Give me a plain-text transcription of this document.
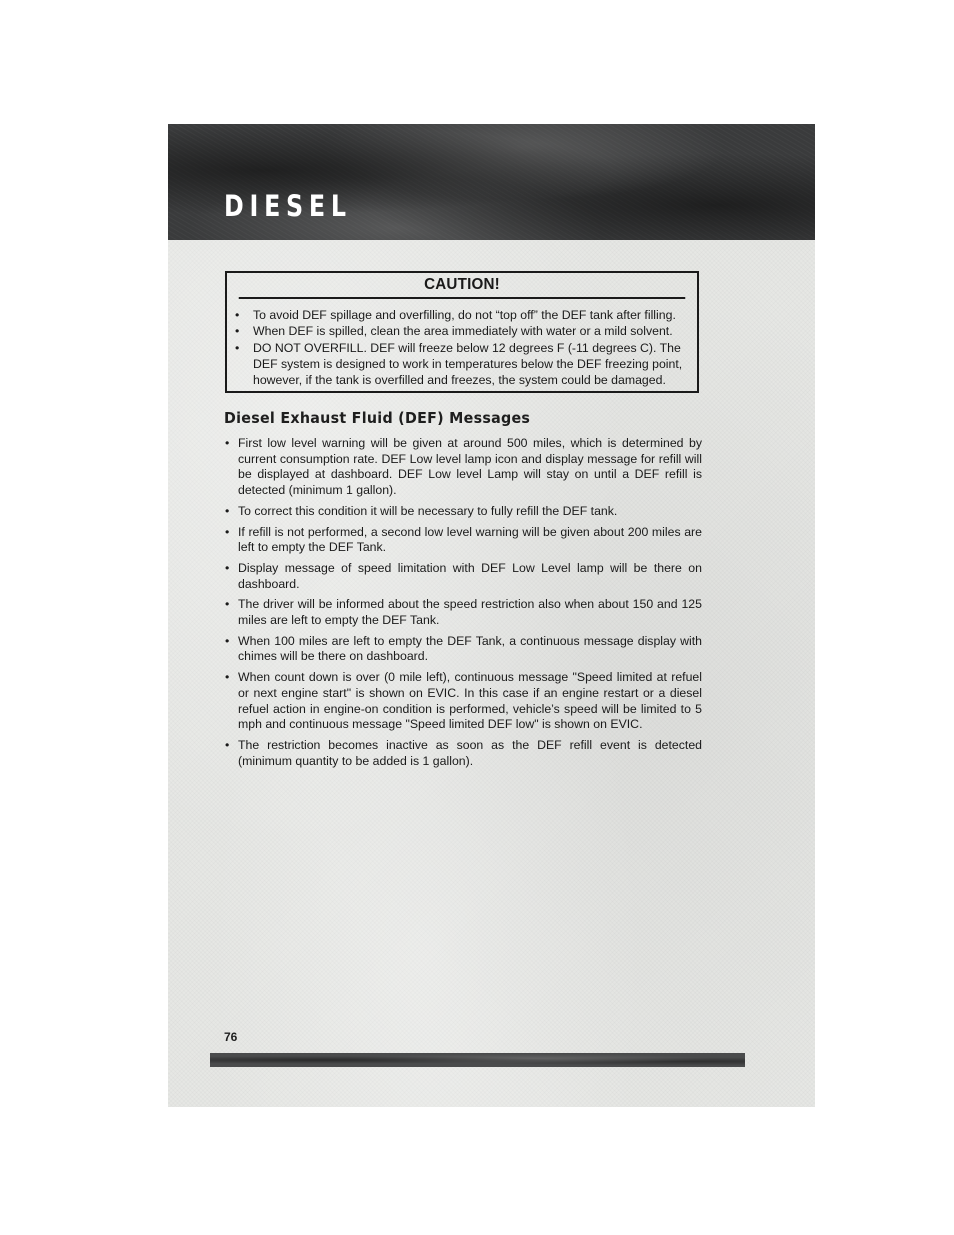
DIESEL
CAUTION!
• To avoid DEF spillage and overfilling, do not “top off” the DEF tank after filling.
• When DEF is spilled, clean the area immediately with water or a mild solvent.
• DO NOT OVERFILL. DEF will freeze below 12 degrees F (-11 degrees C). The DEF system is designed to work in temperatures below the DEF freezing point, however, if the tank is overfilled and freezes, the system could be damaged.
Diesel Exhaust Fluid (DEF) Messages
• First low level warning will be given at around 500 miles, which is determined by current consumption rate. DEF Low level lamp icon and display message for refill will be displayed at dashboard. DEF Low level Lamp will stay on until a DEF refill is detected (minimum 1 gallon).
• To correct this condition it will be necessary to fully refill the DEF tank.
• If refill is not performed, a second low level warning will be given about 200 miles are left to empty the DEF Tank.
• Display message of speed limitation with DEF Low Level lamp will be there on dashboard.
• The driver will be informed about the speed restriction also when about 150 and 125 miles are left to empty the DEF Tank.
• When 100 miles are left to empty the DEF Tank, a continuous message display with chimes will be there on dashboard.
• When count down is over (0 mile left), continuous message "Speed limited at refuel or next engine start" is shown on EVIC. In this case if an engine restart or a diesel refuel action in engine-on condition is performed, vehicle’s speed will be limited to 5 mph and continuous message "Speed limited DEF low" is shown on EVIC.
• The restriction becomes inactive as soon as the DEF refill event is detected (minimum quantity to be added is 1 gallon).

76
